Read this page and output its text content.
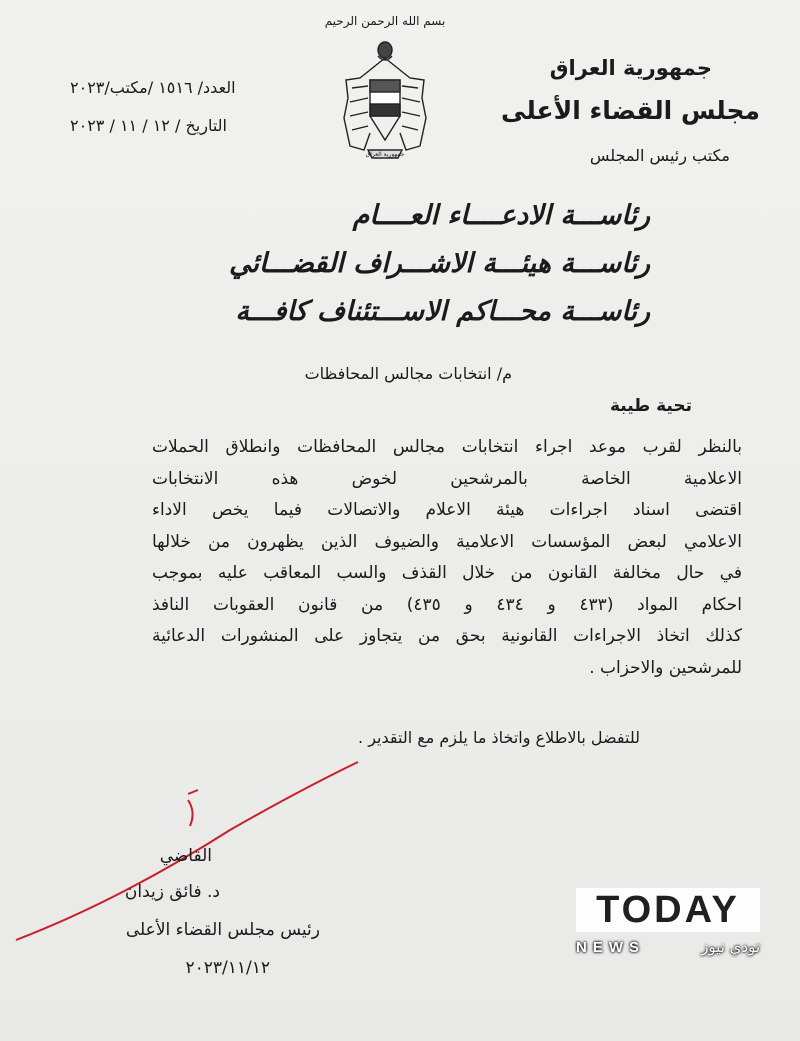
بسم الله الرحمن الرحيم
جمهورية العراق
جمهورية العراق
مجلس القضاء الأعلى
مكتب رئيس المجلس
العدد/ ١٥١٦ /مكتب/٢٠٢٣
التاريخ / ١٢ / ١١ / ٢٠٢٣
رئاســـة الادعــــاء العــــام
رئاســـة هيئـــة الاشـــراف القضـــائي
رئاســـة محـــاكم الاســـتئناف كافـــة
م/ انتخابات مجالس المحافظات
تحية طيبة
بالنظر لقرب موعد اجراء انتخابات مجالس المحافظات وانطلاق الحملات
الاعلامية الخاصة بالمرشحين لخوض هذه الانتخابات
اقتضى اسناد اجراءات هيئة الاعلام والاتصالات فيما يخص الاداء
الاعلامي لبعض المؤسسات الاعلامية والضيوف الذين يظهرون من خلالها
في حال مخالفة القانون من خلال القذف والسب المعاقب عليه بموجب
احكام المواد (٤٣٣ و ٤٣٤ و ٤٣٥) من قانون العقوبات النافذ
كذلك اتخاذ الاجراءات القانونية بحق من يتجاوز على المنشورات الدعائية
للمرشحين والاحزاب .
للتفضل بالاطلاع واتخاذ ما يلزم مع التقدير .
القاضي
د. فائق زيدان
رئيس مجلس القضاء الأعلى
٢٠٢٣/١١/١٢
TODAY
NEWS	تودي نيوز
